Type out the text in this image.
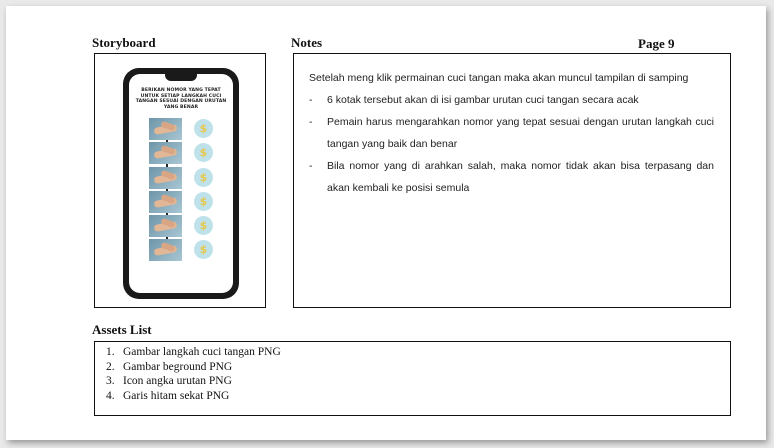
Storyboard	Notes	Page 9
BERIKAN NOMOR YANG TEPAT UNTUK SETIAP LANGKAH CUCI TANGAN SESUAI DENGAN URUTAN YANG BENAR
$
$
$
$
$
$

Setelah meng klik permainan cuci tangan maka akan muncul tampilan di samping

- 6 kotak tersebut akan di isi gambar urutan cuci tangan secara acak

- Pemain harus mengarahkan nomor yang tepat sesuai dengan urutan langkah cuci tangan yang baik dan benar

- Bila nomor yang di arahkan salah, maka nomor tidak akan bisa terpasang dan akan kembali ke posisi semula

Assets List
1. Gambar langkah cuci tangan PNG
2. Gambar beground PNG
3. Icon angka urutan PNG
4. Garis hitam sekat PNG
